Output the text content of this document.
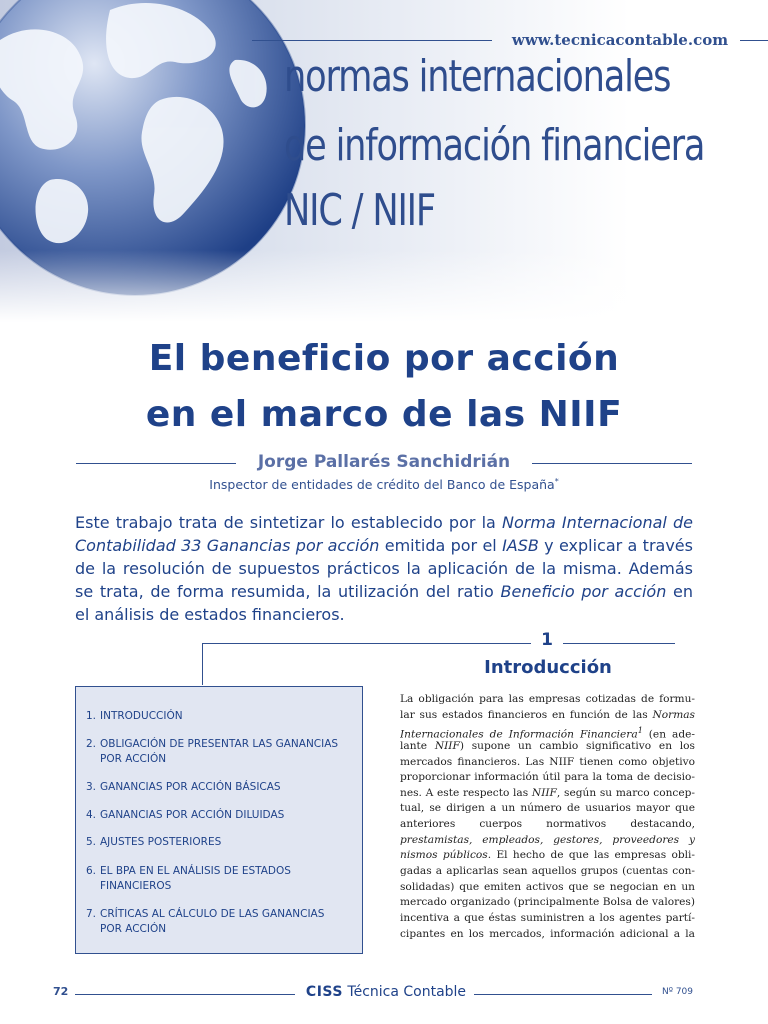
www.tecnicacontable.com
normas internacionales
de información financiera
NIC / NIIF
El beneficio por acción
en el marco de las NIIF
Jorge Pallarés Sanchidrián
Inspector de entidades de crédito del Banco de España*
Este trabajo trata de sintetizar lo establecido por la Norma Internacional de Contabilidad 33 Ganancias por acción emitida por el IASB y explicar a través de la resolución de supuestos prácticos la aplicación de la misma. Además se trata, de forma resumida, la utilización del ratio Beneficio por acción en el análisis de estados financieros.
1
Introducción
1. INTRODUCCIÓN
2. OBLIGACIÓN DE PRESENTAR LAS GANANCIAS POR ACCIÓN
3. GANANCIAS POR ACCIÓN BÁSICAS
4. GANANCIAS POR ACCIÓN DILUIDAS
5. AJUSTES POSTERIORES
6. EL BPA EN EL ANÁLISIS DE ESTADOS FINANCIEROS
7. CRÍTICAS AL CÁLCULO DE LAS GANANCIAS POR ACCIÓN
La obligación para las empresas cotizadas de formu-
lar sus estados financieros en función de las Normas
Internacionales de Información Financiera$^1$ (en ade-
lante NIIF) supone un cambio significativo en los
mercados financieros. Las NIIF tienen como objetivo
proporcionar información útil para la toma de decisio-
nes. A este respecto las NIIF, según su marco concep-
tual, se dirigen a un número de usuarios mayor que
anteriores cuerpos normativos destacando,
prestamistas, empleados, gestores, proveedores y
nismos públicos. El hecho de que las empresas obli-
gadas a aplicarlas sean aquellos grupos (cuentas con-
solidadas) que emiten activos que se negocian en un
mercado organizado (principalmente Bolsa de valores)
incentiva a que éstas suministren a los agentes partí-
cipantes en los mercados, información adicional a la
72	CISS Técnica Contable	Nº 709
